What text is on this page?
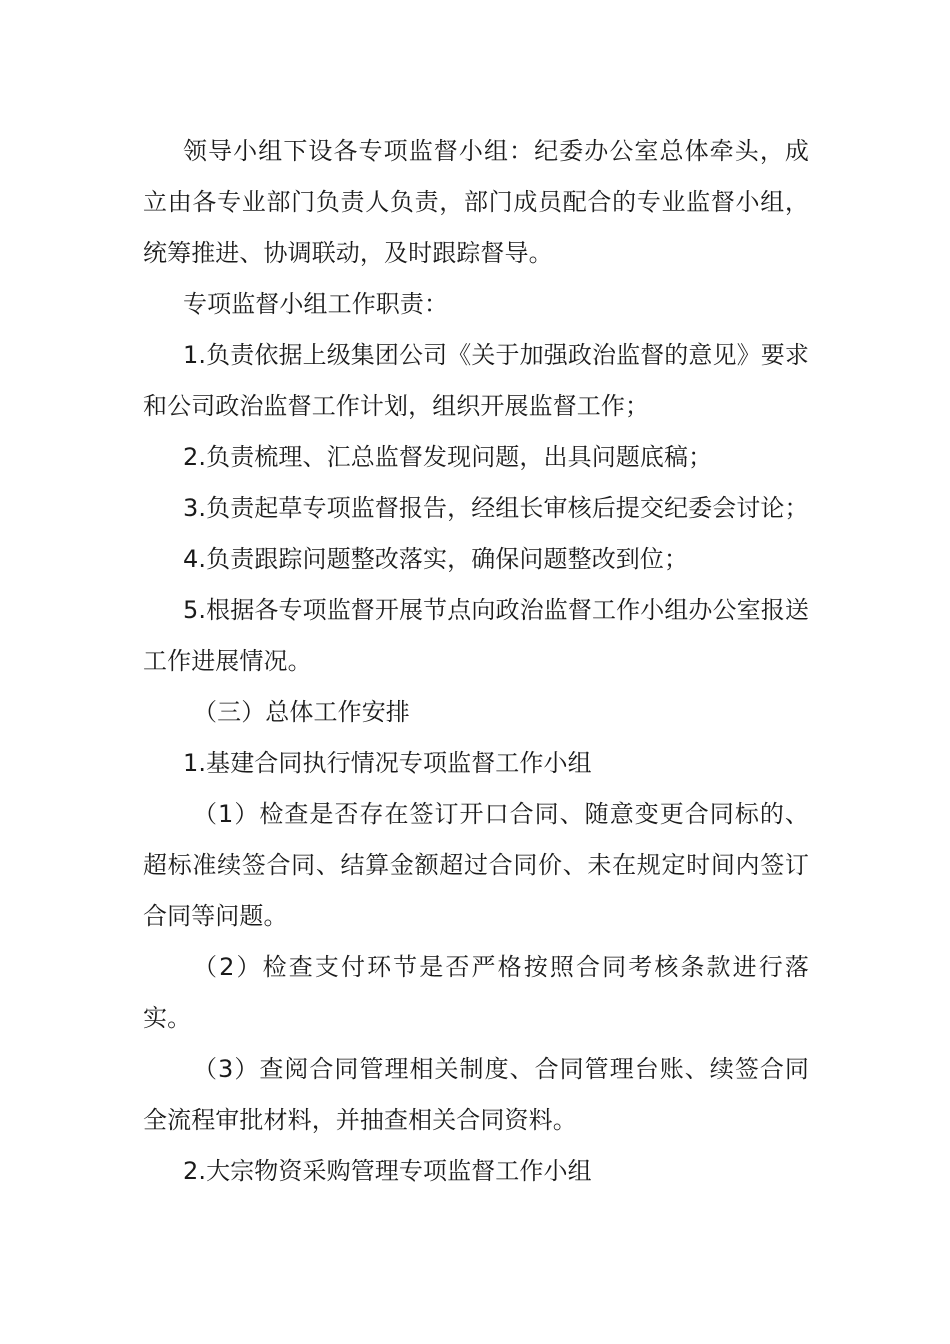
领导小组下设各专项监督小组：纪委办公室总体牵头，成立由各专业部门负责人负责，部门成员配合的专业监督小组，统筹推进、协调联动，及时跟踪督导。

专项监督小组工作职责：

1.负责依据上级集团公司《关于加强政治监督的意见》要求和公司政治监督工作计划，组织开展监督工作；

2.负责梳理、汇总监督发现问题，出具问题底稿；

3.负责起草专项监督报告，经组长审核后提交纪委会讨论；

4.负责跟踪问题整改落实，确保问题整改到位；

5.根据各专项监督开展节点向政治监督工作小组办公室报送工作进展情况。

（三）总体工作安排

1.基建合同执行情况专项监督工作小组

（1）检查是否存在签订开口合同、随意变更合同标的、超标准续签合同、结算金额超过合同价、未在规定时间内签订合同等问题。

（2）检查支付环节是否严格按照合同考核条款进行落实。

（3）查阅合同管理相关制度、合同管理台账、续签合同全流程审批材料，并抽查相关合同资料。

2.大宗物资采购管理专项监督工作小组
